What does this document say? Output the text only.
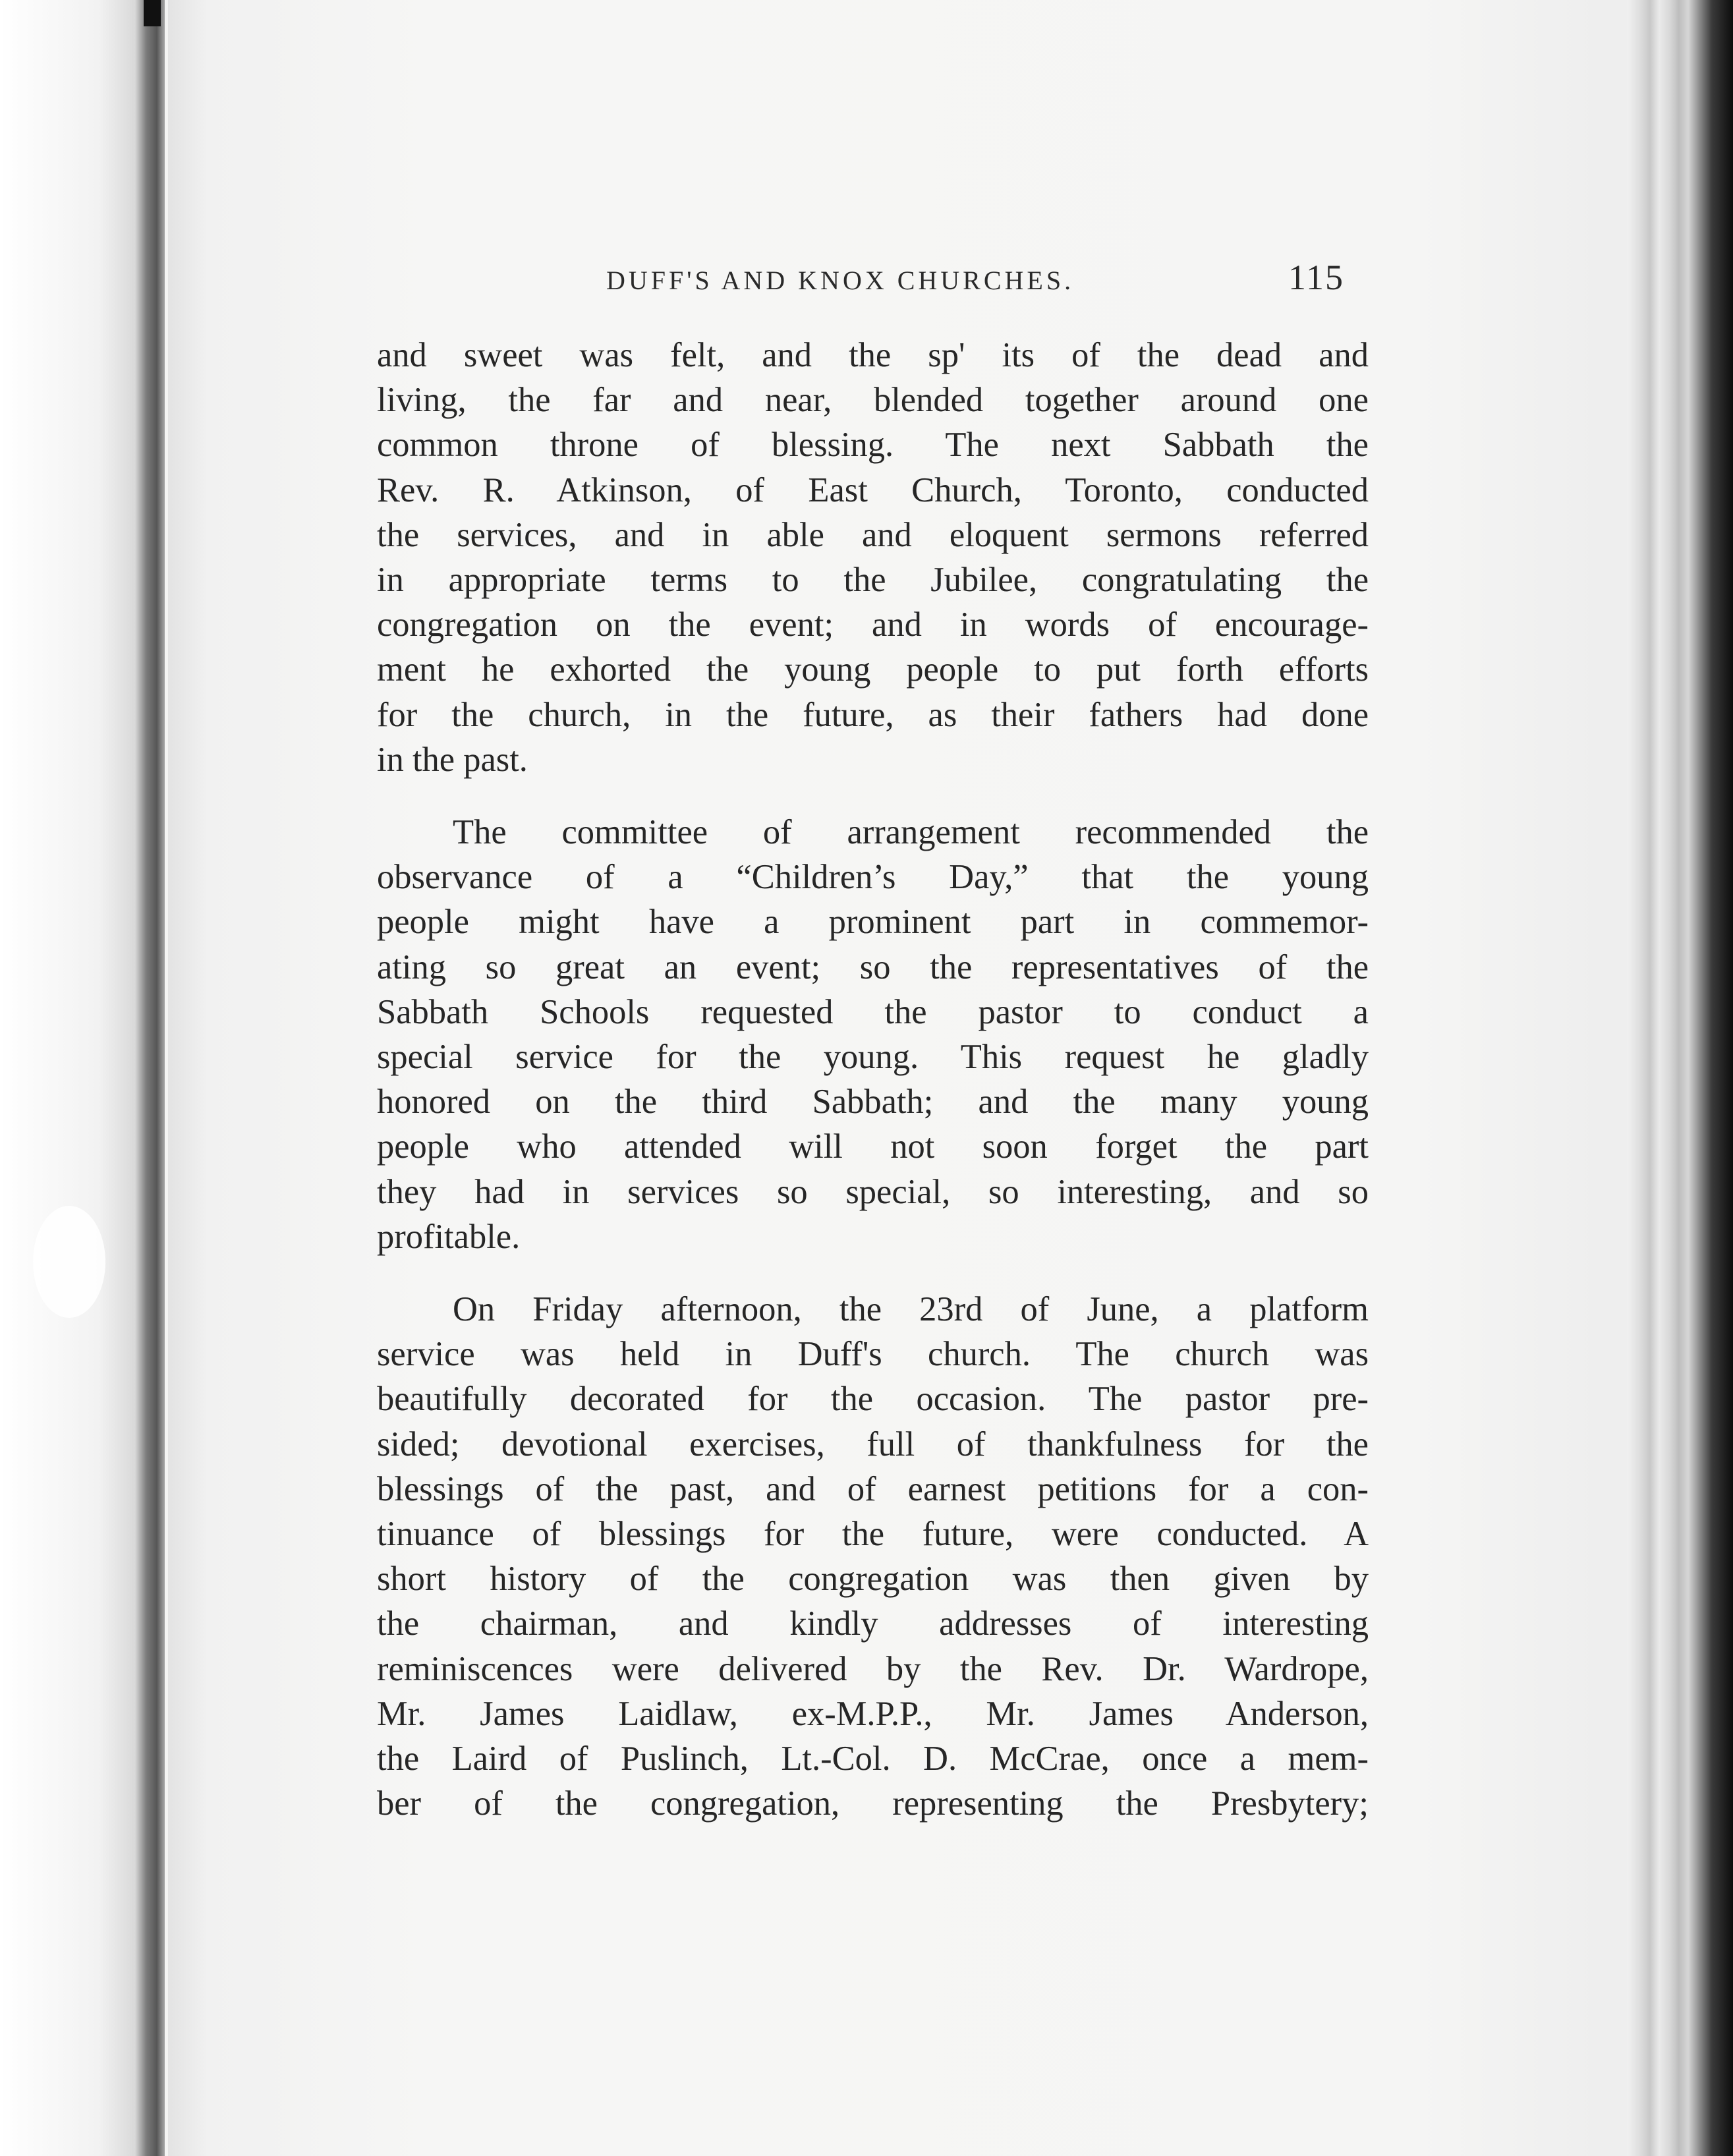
DUFF'S AND KNOX CHURCHES.	115

and sweet was felt, and the sp' its of the dead and
living, the far and near, blended together around one
common throne of blessing. The next Sabbath the
Rev. R. Atkinson, of East Church, Toronto, conducted
the services, and in able and eloquent sermons referred
in appropriate terms to the Jubilee, congratulating the
congregation on the event; and in words of encourage-
ment he exhorted the young people to put forth efforts
for the church, in the future, as their fathers had done
in the past.

The committee of arrangement recommended the
observance of a “Children’s Day,” that the young
people might have a prominent part in commemor-
ating so great an event; so the representatives of the
Sabbath Schools requested the pastor to conduct a
special service for the young. This request he gladly
honored on the third Sabbath; and the many young
people who attended will not soon forget the part
they had in services so special, so interesting, and so
profitable.

On Friday afternoon, the 23rd of June, a platform
service was held in Duff's church. The church was
beautifully decorated for the occasion. The pastor pre-
sided; devotional exercises, full of thankfulness for the
blessings of the past, and of earnest petitions for a con-
tinuance of blessings for the future, were conducted. A
short history of the congregation was then given by
the chairman, and kindly addresses of interesting
reminiscences were delivered by the Rev. Dr. Wardrope,
Mr. James Laidlaw, ex-M.P.P., Mr. James Anderson,
the Laird of Puslinch, Lt.-Col. D. McCrae, once a mem-
ber of the congregation, representing the Presbytery;
